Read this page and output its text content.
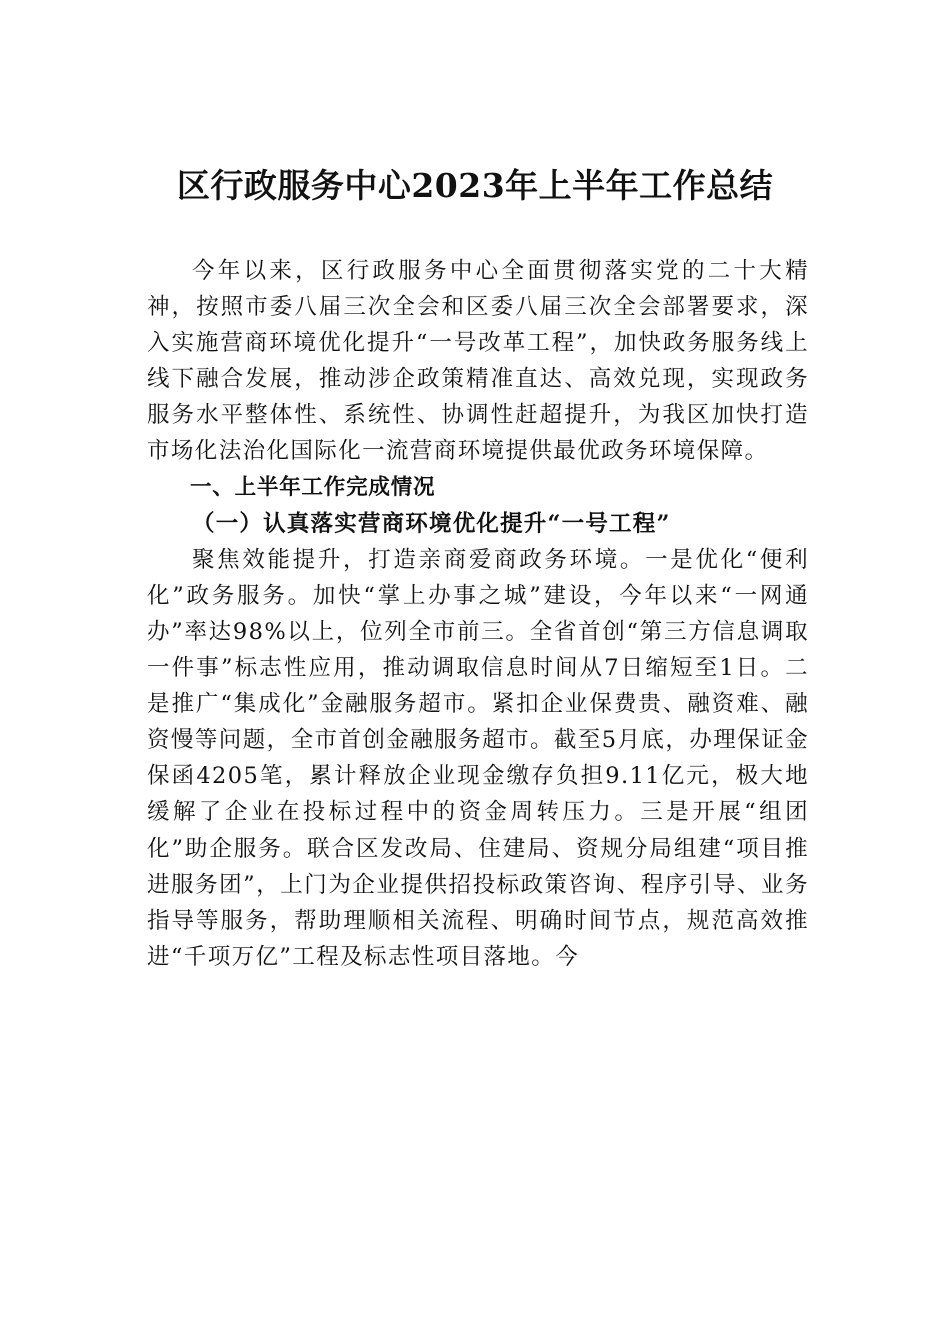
区行政服务中心2023年上半年工作总结

今年以来，区行政服务中心全面贯彻落实党的二十大精神，按照市委八届三次全会和区委八届三次全会部署要求，深入实施营商环境优化提升“一号改革工程”，加快政务服务线上线下融合发展，推动涉企政策精准直达、高效兑现，实现政务服务水平整体性、系统性、协调性赶超提升，为我区加快打造市场化法治化国际化一流营商环境提供最优政务环境保障。

一、上半年工作完成情况

（一）认真落实营商环境优化提升“一号工程”

聚焦效能提升，打造亲商爱商政务环境。一是优化“便利化”政务服务。加快“掌上办事之城”建设，今年以来“一网通办”率达98%以上，位列全市前三。全省首创“第三方信息调取一件事”标志性应用，推动调取信息时间从7日缩短至1日。二是推广“集成化”金融服务超市。紧扣企业保费贵、融资难、融资慢等问题，全市首创金融服务超市。截至5月底，办理保证金保函4205笔，累计释放企业现金缴存负担9.11亿元，极大地缓解了企业在投标过程中的资金周转压力。三是开展“组团化”助企服务。联合区发改局、住建局、资规分局组建“项目推进服务团”，上门为企业提供招投标政策咨询、程序引导、业务指导等服务，帮助理顺相关流程、明确时间节点，规范高效推进“千项万亿”工程及标志性项目落地。今
